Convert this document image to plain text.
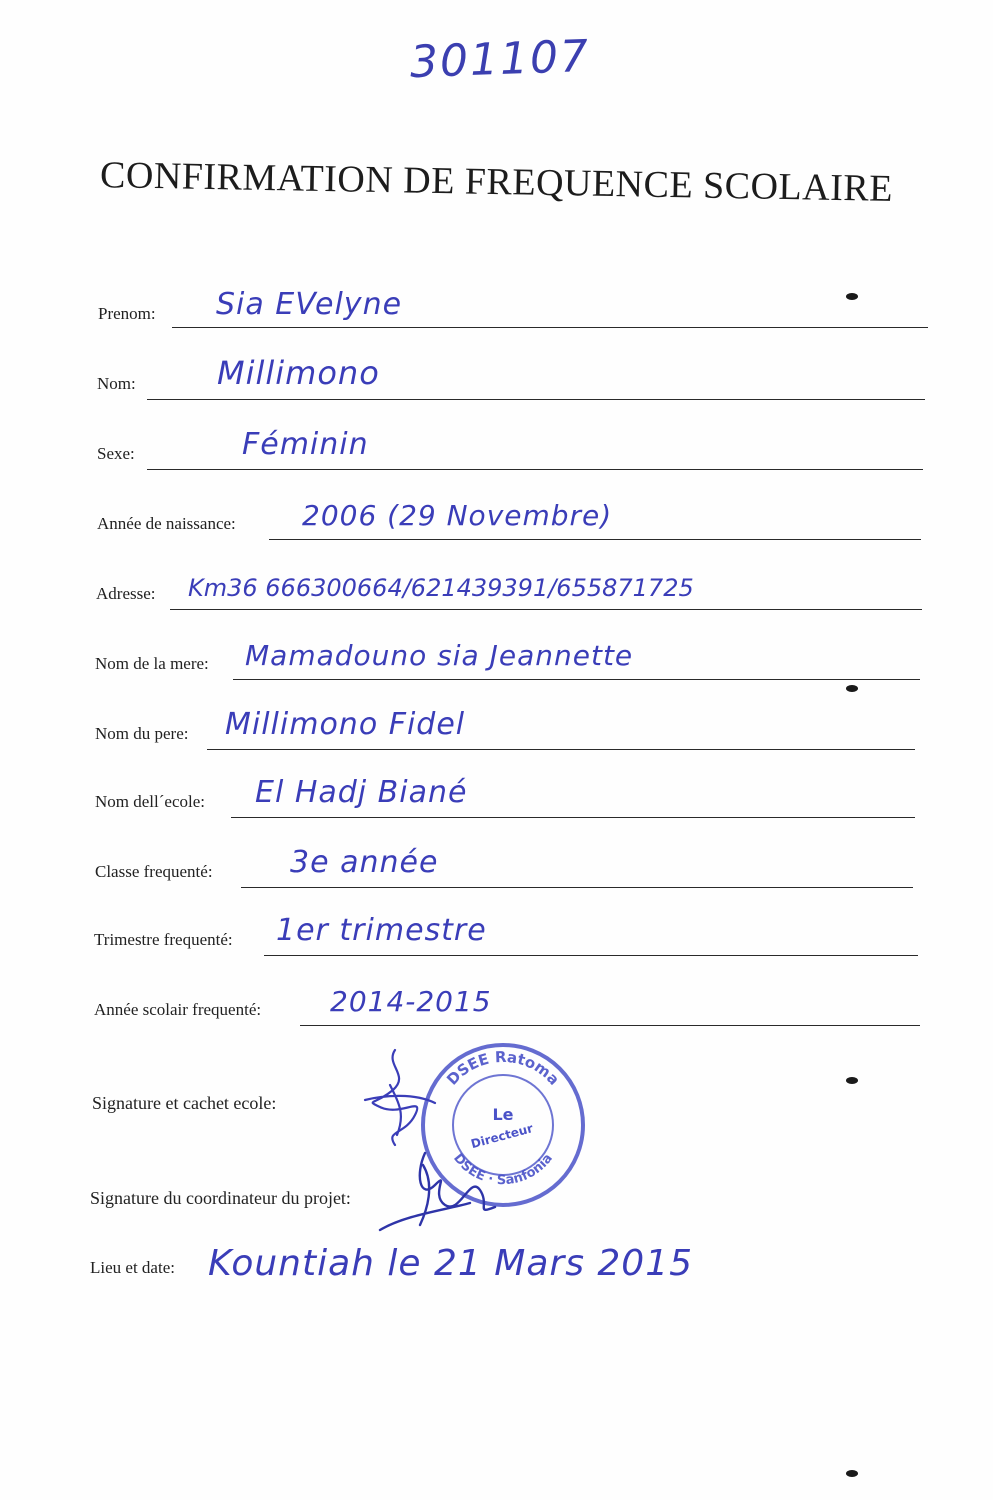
301107
CONFIRMATION DE FREQUENCE SCOLAIRE
Prenom: Sia EVelyne
Nom:	Millimono
Sexe:	Féminin
Année de naissance: 2006 (29 Novembre)
Adresse: Km36 666300664/621439391/655871725
Nom de la mere: Mamadouno sia Jeannette
Nom du pere: Millimono Fidel
Nom dell´ecole: El Hadj Biané
Classe frequenté:	3e année
Trimestre frequenté: 1er trimestre
Année scolair frequenté: 2014-2015
Signature et cachet ecole:
Signature du coordinateur du projet:
Lieu et date: Kountiah le 21 Mars 2015
DSEE Ratoma
DSEE · Sanfonia
Le
Directeur
